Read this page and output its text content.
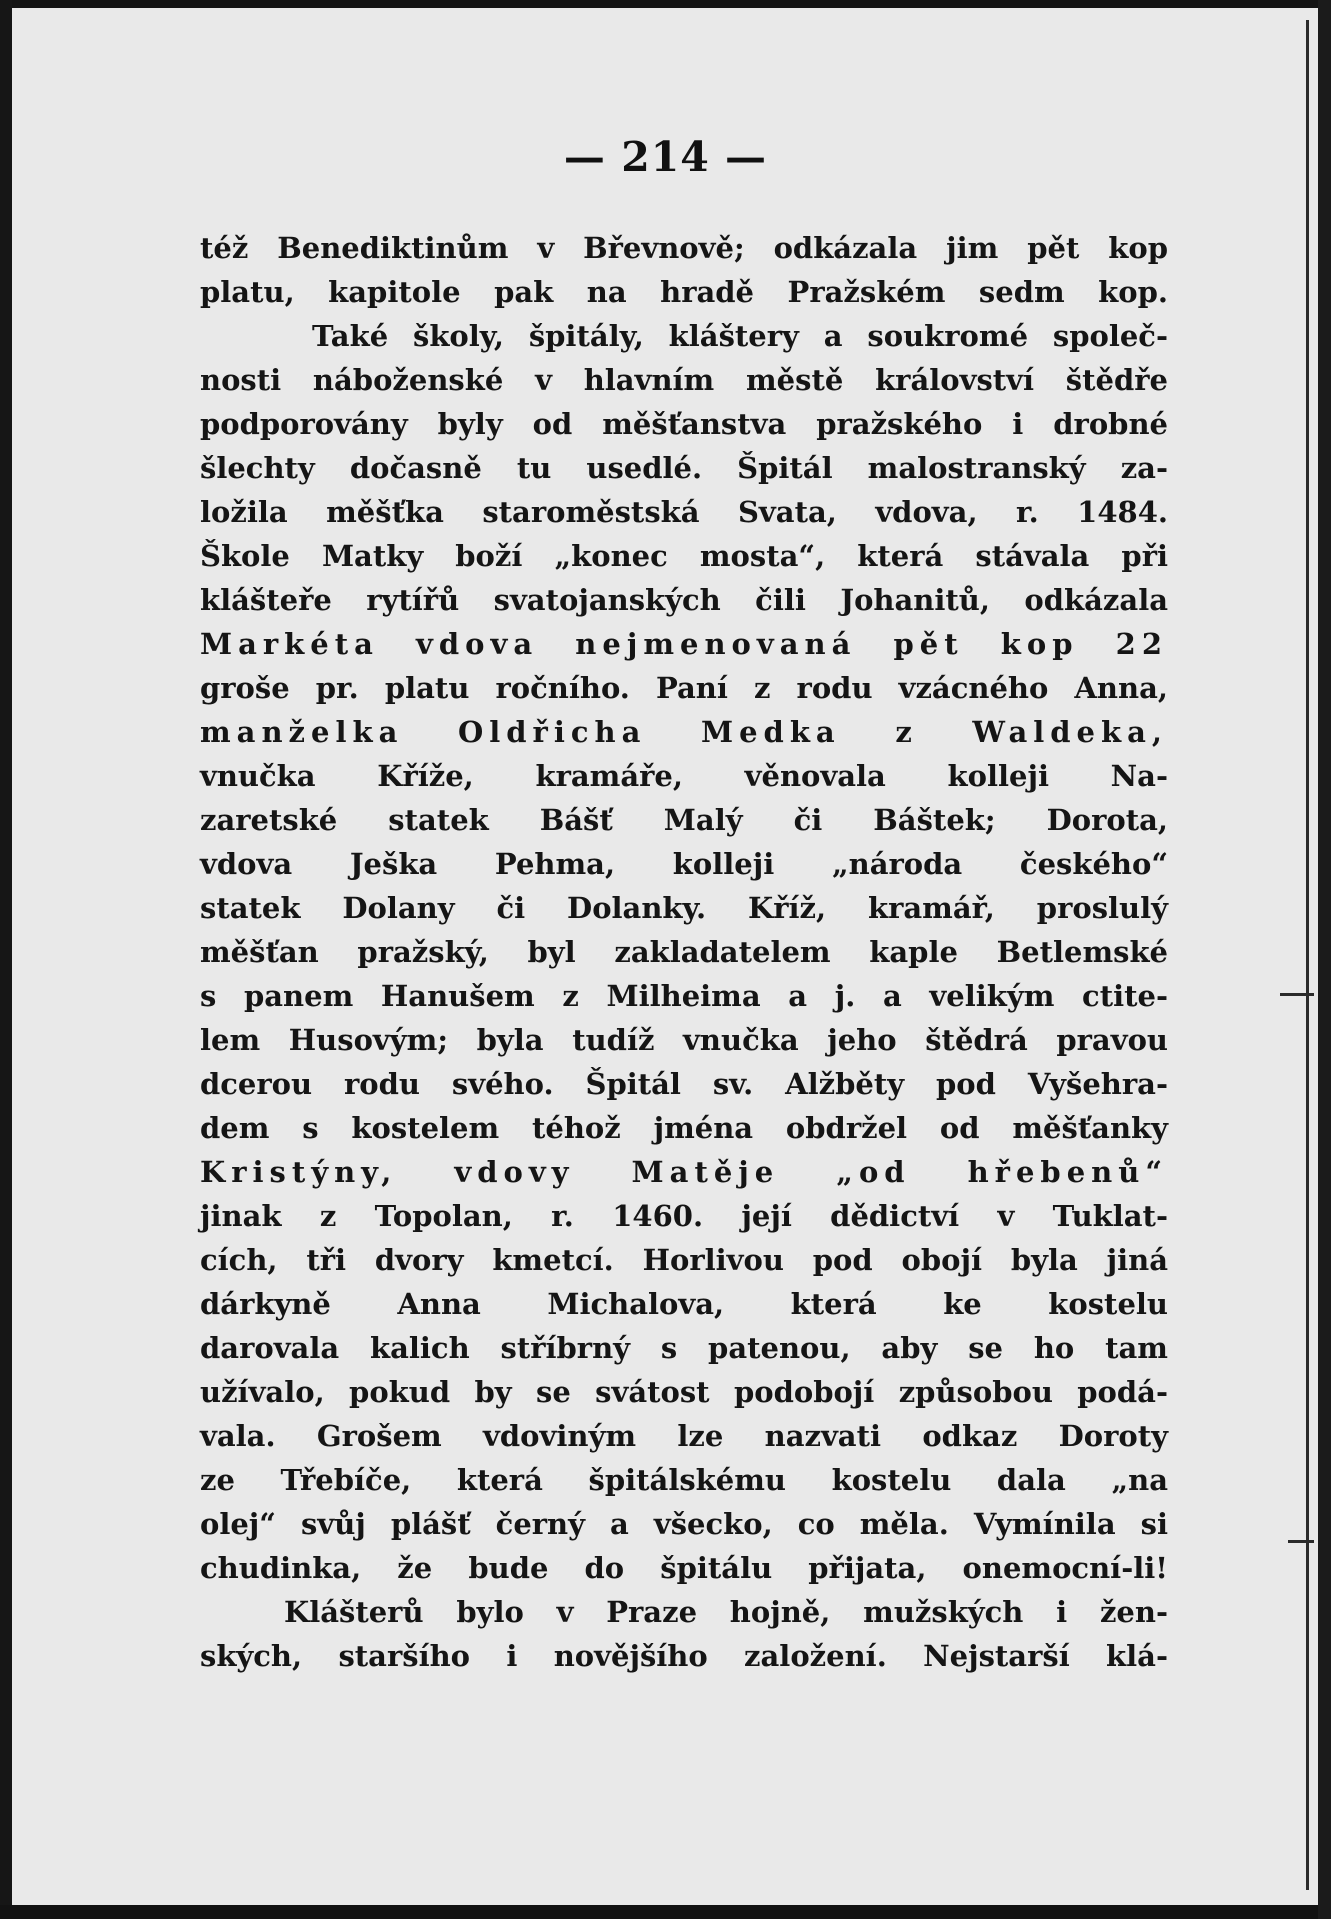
— 214 —
též Benediktinům v Břevnově; odkázala jim pět kop
platu, kapitole pak na hradě Pražském sedm kop.
Také školy, špitály, kláštery a soukromé společ-
nosti náboženské v hlavním městě království štědře
podporovány byly od měšťanstva pražského i drobné
šlechty dočasně tu usedlé. Špitál malostranský za-
ložila měšťka staroměstská Svata, vdova, r. 1484.
Škole Matky boží „konec mosta“, která stávala při
klášteře rytířů svatojanských čili Johanitů, odkázala
Markéta vdova nejmenovaná pět kop 22
groše pr. platu ročního. Paní z rodu vzácného Anna,
manželka Oldřicha Medka z Waldeka,
vnučka Kříže, kramáře, věnovala kolleji Na-
zaretské statek Bášť Malý či Báštek; Dorota,
vdova Ješka Pehma, kolleji „národa českého“
statek Dolany či Dolanky. Kříž, kramář, proslulý
měšťan pražský, byl zakladatelem kaple Betlemské
s panem Hanušem z Milheima a j. a velikým ctite-
lem Husovým; byla tudíž vnučka jeho štědrá pravou
dcerou rodu svého. Špitál sv. Alžběty pod Vyšehra-
dem s kostelem téhož jména obdržel od měšťanky
Kristýny, vdovy Matěje „od hřebenů“
jinak z Topolan, r. 1460. její dědictví v Tuklat-
cích, tři dvory kmetcí. Horlivou pod obojí byla jiná
dárkyně Anna Michalova, která ke kostelu
darovala kalich stříbrný s patenou, aby se ho tam
užívalo, pokud by se svátost podobojí způsobou podá-
vala. Grošem vdoviným lze nazvati odkaz Doroty
ze Třebíče, která špitálskému kostelu dala „na
olej“ svůj plášť černý a všecko, co měla. Vymínila si
chudinka, že bude do špitálu přijata, onemocní-li!
Klášterů bylo v Praze hojně, mužských i žen-
ských, staršího i novějšího založení. Nejstarší klá-
